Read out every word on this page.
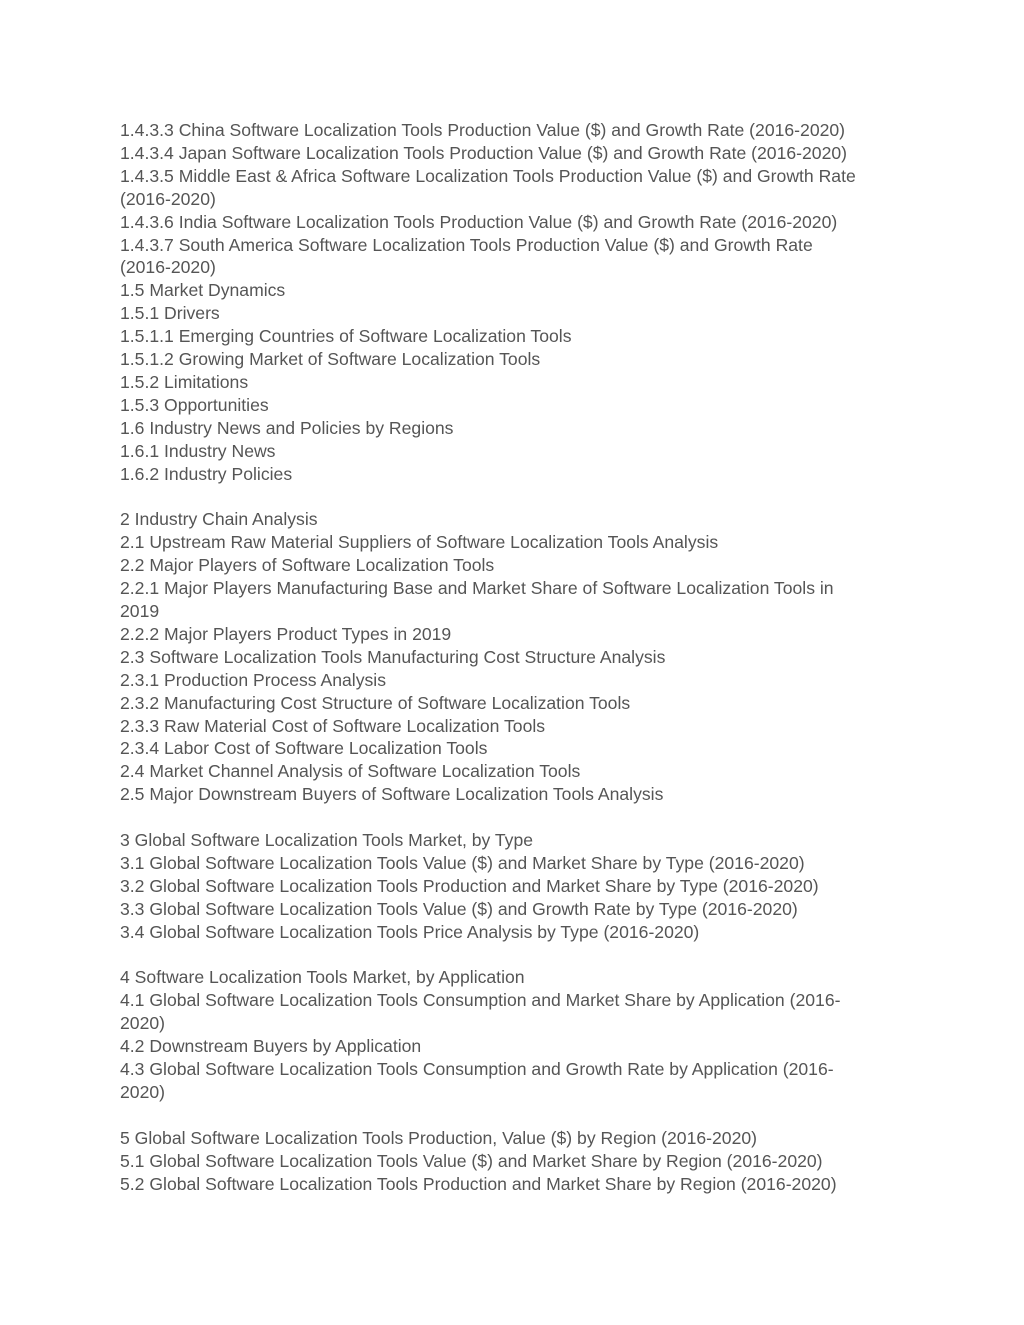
1.4.3.3 China Software Localization Tools Production Value ($) and Growth Rate (2016-2020)

1.4.3.4 Japan Software Localization Tools Production Value ($) and Growth Rate (2016-2020)

1.4.3.5 Middle East & Africa Software Localization Tools Production Value ($) and Growth Rate

(2016-2020)

1.4.3.6 India Software Localization Tools Production Value ($) and Growth Rate (2016-2020)

1.4.3.7 South America Software Localization Tools Production Value ($) and Growth Rate

(2016-2020)

1.5 Market Dynamics

1.5.1 Drivers

1.5.1.1 Emerging Countries of Software Localization Tools

1.5.1.2 Growing Market of Software Localization Tools

1.5.2 Limitations

1.5.3 Opportunities

1.6 Industry News and Policies by Regions

1.6.1 Industry News

1.6.2 Industry Policies

2 Industry Chain Analysis

2.1 Upstream Raw Material Suppliers of Software Localization Tools Analysis

2.2 Major Players of Software Localization Tools

2.2.1 Major Players Manufacturing Base and Market Share of Software Localization Tools in

2019

2.2.2 Major Players Product Types in 2019

2.3 Software Localization Tools Manufacturing Cost Structure Analysis

2.3.1 Production Process Analysis

2.3.2 Manufacturing Cost Structure of Software Localization Tools

2.3.3 Raw Material Cost of Software Localization Tools

2.3.4 Labor Cost of Software Localization Tools

2.4 Market Channel Analysis of Software Localization Tools

2.5 Major Downstream Buyers of Software Localization Tools Analysis

3 Global Software Localization Tools Market, by Type

3.1 Global Software Localization Tools Value ($) and Market Share by Type (2016-2020)

3.2 Global Software Localization Tools Production and Market Share by Type (2016-2020)

3.3 Global Software Localization Tools Value ($) and Growth Rate by Type (2016-2020)

3.4 Global Software Localization Tools Price Analysis by Type (2016-2020)

4 Software Localization Tools Market, by Application

4.1 Global Software Localization Tools Consumption and Market Share by Application (2016-

2020)

4.2 Downstream Buyers by Application

4.3 Global Software Localization Tools Consumption and Growth Rate by Application (2016-

2020)

5 Global Software Localization Tools Production, Value ($) by Region (2016-2020)

5.1 Global Software Localization Tools Value ($) and Market Share by Region (2016-2020)

5.2 Global Software Localization Tools Production and Market Share by Region (2016-2020)
